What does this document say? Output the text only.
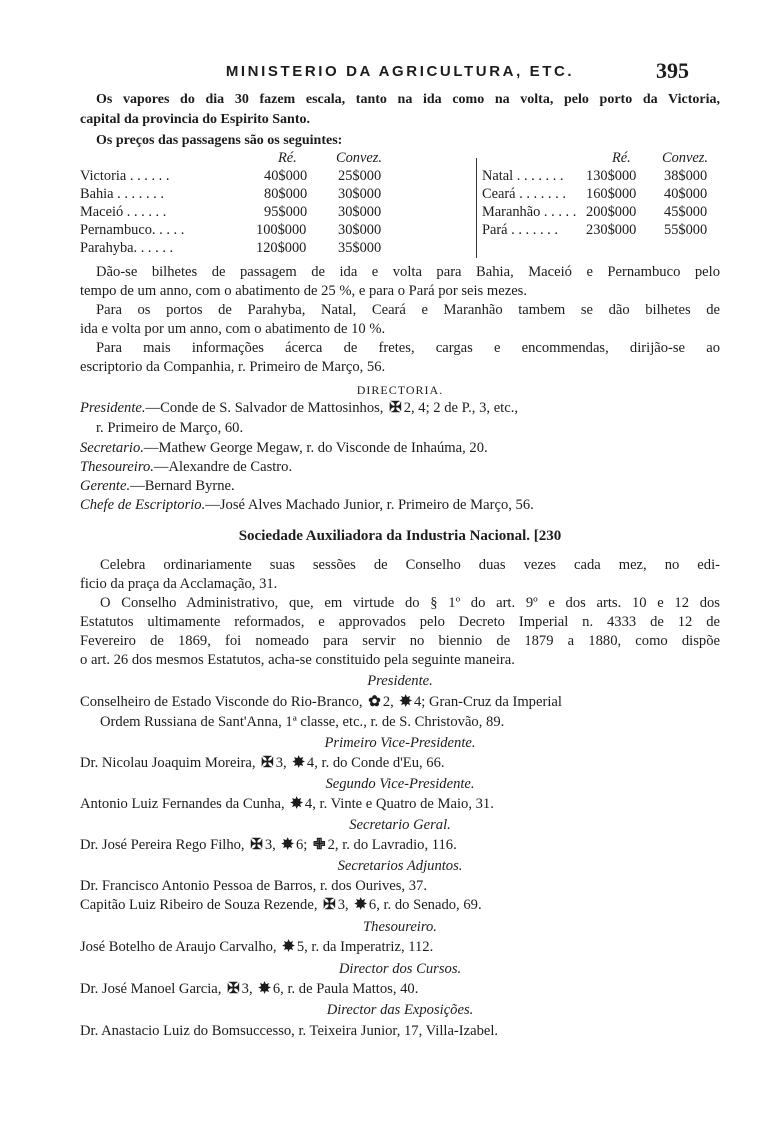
MINISTERIO DA AGRICULTURA, ETC.	395
Os vapores do dia 30 fazem escala, tanto na ida como na volta, pelo porto da Victoria,
capital da provincia do Espirito Santo.
Os preços das passagens são os seguintes:
Ré.	Convez.	Ré. Convez.
Victoria . . . . . .	40$000 25$000
Bahia . . . . . . .	80$000 30$000
Maceió . . . . . .	95$000 30$000
Pernambuco. . . . .	100$000 30$000
Parahyba. . . . . .	120$000 35$000
Natal . . . . . . . 130$000 38$000
Ceará . . . . . . . 160$000 40$000
Maranhão . . . . . 200$000 45$000
Pará . . . . . . . 230$000 55$000
Dão-se bilhetes de passagem de ida e volta para Bahia, Maceió e Pernambuco pelo
tempo de um anno, com o abatimento de 25 %, e para o Pará por seis mezes.
Para os portos de Parahyba, Natal, Ceará e Maranhão tambem se dão bilhetes de
ida e volta por um anno, com o abatimento de 10 %.
Para mais informações ácerca de fretes, cargas e encommendas, dirijão-se ao
escriptorio da Companhia, r. Primeiro de Março, 56.
DIRECTORIA.
Presidente.—Conde de S. Salvador de Mattosinhos, ✠ 2, 4; 2 de P., 3, etc.,
r. Primeiro de Março, 60.
Secretario.—Mathew George Megaw, r. do Visconde de Inhaúma, 20.
Thesoureiro.—Alexandre de Castro.
Gerente.—Bernard Byrne.
Chefe de Escriptorio.—José Alves Machado Junior, r. Primeiro de Março, 56.
Sociedade Auxiliadora da Industria Nacional. [230
Celebra ordinariamente suas sessões de Conselho duas vezes cada mez, no edi-
ficio da praça da Acclamação, 31.
O Conselho Administrativo, que, em virtude do § 1º do art. 9º e dos arts. 10 e 12 dos
Estatutos ultimamente reformados, e approvados pelo Decreto Imperial n. 4333 de 12 de
Fevereiro de 1869, foi nomeado para servir no biennio de 1879 a 1880, como dispõe
o art. 26 dos mesmos Estatutos, acha-se constituido pela seguinte maneira.
Presidente.
Conselheiro de Estado Visconde do Rio-Branco, ✿ 2, ✸ 4; Gran-Cruz da Imperial
Ordem Russiana de Sant'Anna, 1ª classe, etc., r. de S. Christovão, 89.
Primeiro Vice-Presidente.
Dr. Nicolau Joaquim Moreira, ✠ 3, ✸ 4, r. do Conde d'Eu, 66.
Segundo Vice-Presidente.
Antonio Luiz Fernandes da Cunha, ✸ 4, r. Vinte e Quatro de Maio, 31.
Secretario Geral.
Dr. José Pereira Rego Filho, ✠ 3, ✸ 6; ✙ 2, r. do Lavradio, 116.
Secretarios Adjuntos.
Dr. Francisco Antonio Pessoa de Barros, r. dos Ourives, 37.
Capitão Luiz Ribeiro de Souza Rezende, ✠ 3, ✸ 6, r. do Senado, 69.
Thesoureiro.
José Botelho de Araujo Carvalho, ✸ 5, r. da Imperatriz, 112.
Director dos Cursos.
Dr. José Manoel Garcia, ✠ 3, ✸ 6, r. de Paula Mattos, 40.
Director das Exposições.
Dr. Anastacio Luiz do Bomsuccesso, r. Teixeira Junior, 17, Villa-Izabel.
